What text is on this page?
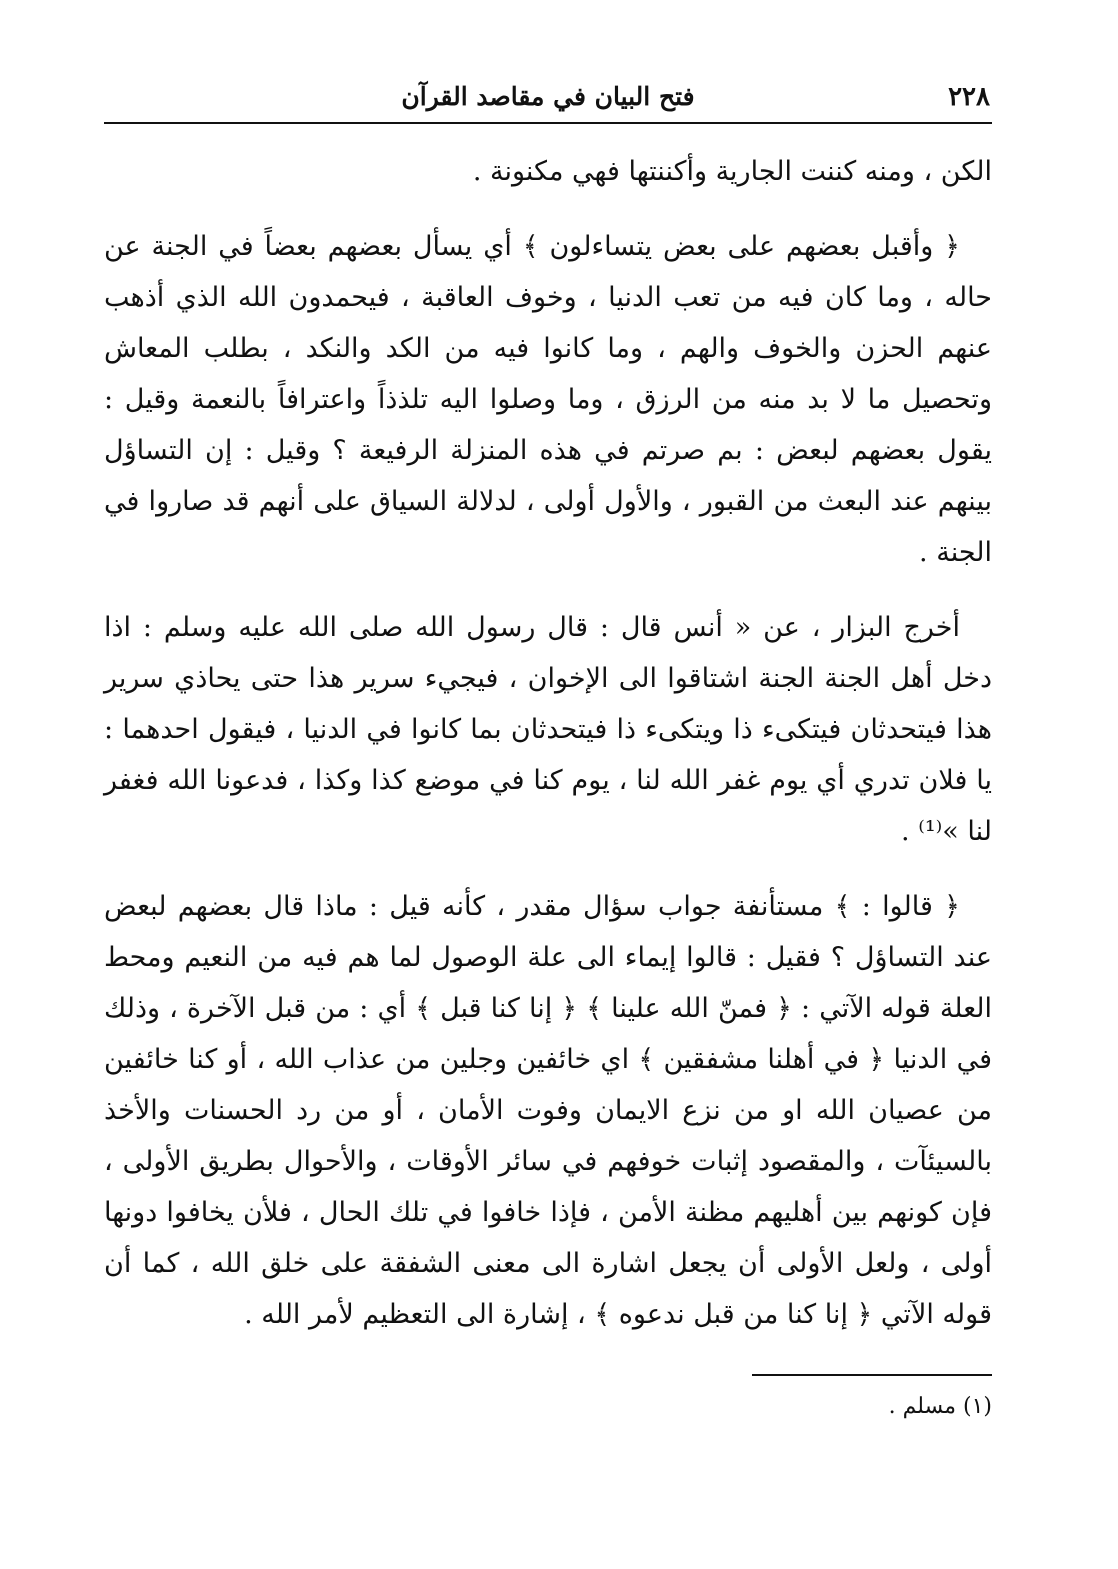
٢٢٨
فتح البيان في مقاصد القرآن

الكن ، ومنه كننت الجارية وأكننتها فهي مكنونة .

﴿ وأقبل بعضهم على بعض يتساءلون ﴾ أي يسأل بعضهم بعضاً في الجنة عن حاله ، وما كان فيه من تعب الدنيا ، وخوف العاقبة ، فيحمدون الله الذي أذهب عنهم الحزن والخوف والهم ، وما كانوا فيه من الكد والنكد ، بطلب المعاش وتحصيل ما لا بد منه من الرزق ، وما وصلوا اليه تلذذاً واعترافاً بالنعمة وقيل : يقول بعضهم لبعض : بم صرتم في هذه المنزلة الرفيعة ؟ وقيل : إن التساؤل بينهم عند البعث من القبور ، والأول أولى ، لدلالة السياق على أنهم قد صاروا في الجنة .

أخرج البزار ، عن « أنس قال : قال رسول الله صلى الله عليه وسلم : اذا دخل أهل الجنة الجنة اشتاقوا الى الإخوان ، فيجيء سرير هذا حتى يحاذي سرير هذا فيتحدثان فيتكىء ذا ويتكىء ذا فيتحدثان بما كانوا في الدنيا ، فيقول احدهما : يا فلان تدري أي يوم غفر الله لنا ، يوم كنا في موضع كذا وكذا ، فدعونا الله فغفر لنا »⁽¹⁾ .

﴿ قالوا : ﴾ مستأنفة جواب سؤال مقدر ، كأنه قيل : ماذا قال بعضهم لبعض عند التساؤل ؟ فقيل : قالوا إيماء الى علة الوصول لما هم فيه من النعيم ومحط العلة قوله الآتي : ﴿ فمنّ الله علينا ﴾ ﴿ إنا كنا قبل ﴾ أي : من قبل الآخرة ، وذلك في الدنيا ﴿ في أهلنا مشفقين ﴾ اي خائفين وجلين من عذاب الله ، أو كنا خائفين من عصيان الله او من نزع الايمان وفوت الأمان ، أو من رد الحسنات والأخذ بالسيئآت ، والمقصود إثبات خوفهم في سائر الأوقات ، والأحوال بطريق الأولى ، فإن كونهم بين أهليهم مظنة الأمن ، فإذا خافوا في تلك الحال ، فلأن يخافوا دونها أولى ، ولعل الأولى أن يجعل اشارة الى معنى الشفقة على خلق الله ، كما أن قوله الآتي ﴿ إنا كنا من قبل ندعوه ﴾ ، إشارة الى التعظيم لأمر الله .

(١) مسلم .
